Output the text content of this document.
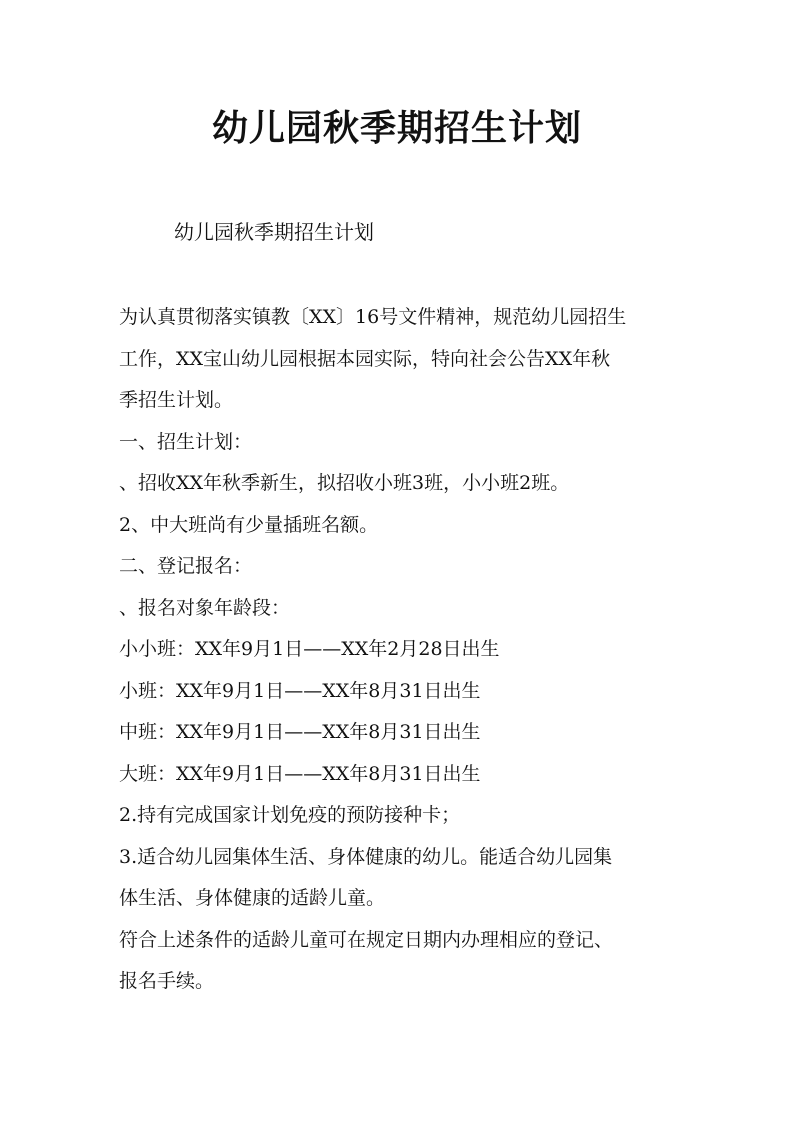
幼儿园秋季期招生计划
幼儿园秋季期招生计划
为认真贯彻落实镇教〔XX〕16号文件精神，规范幼儿园招生
工作，XX宝山幼儿园根据本园实际，特向社会公告XX年秋
季招生计划。
一、招生计划：
、招收XX年秋季新生，拟招收小班3班，小小班2班。
2、中大班尚有少量插班名额。
二、登记报名：
、报名对象年龄段：
小小班：XX年9月1日——XX年2月28日出生
小班：XX年9月1日——XX年8月31日出生
中班：XX年9月1日——XX年8月31日出生
大班：XX年9月1日——XX年8月31日出生
2.持有完成国家计划免疫的预防接种卡；
3.适合幼儿园集体生活、身体健康的幼儿。能适合幼儿园集
体生活、身体健康的适龄儿童。
符合上述条件的适龄儿童可在规定日期内办理相应的登记、
报名手续。
